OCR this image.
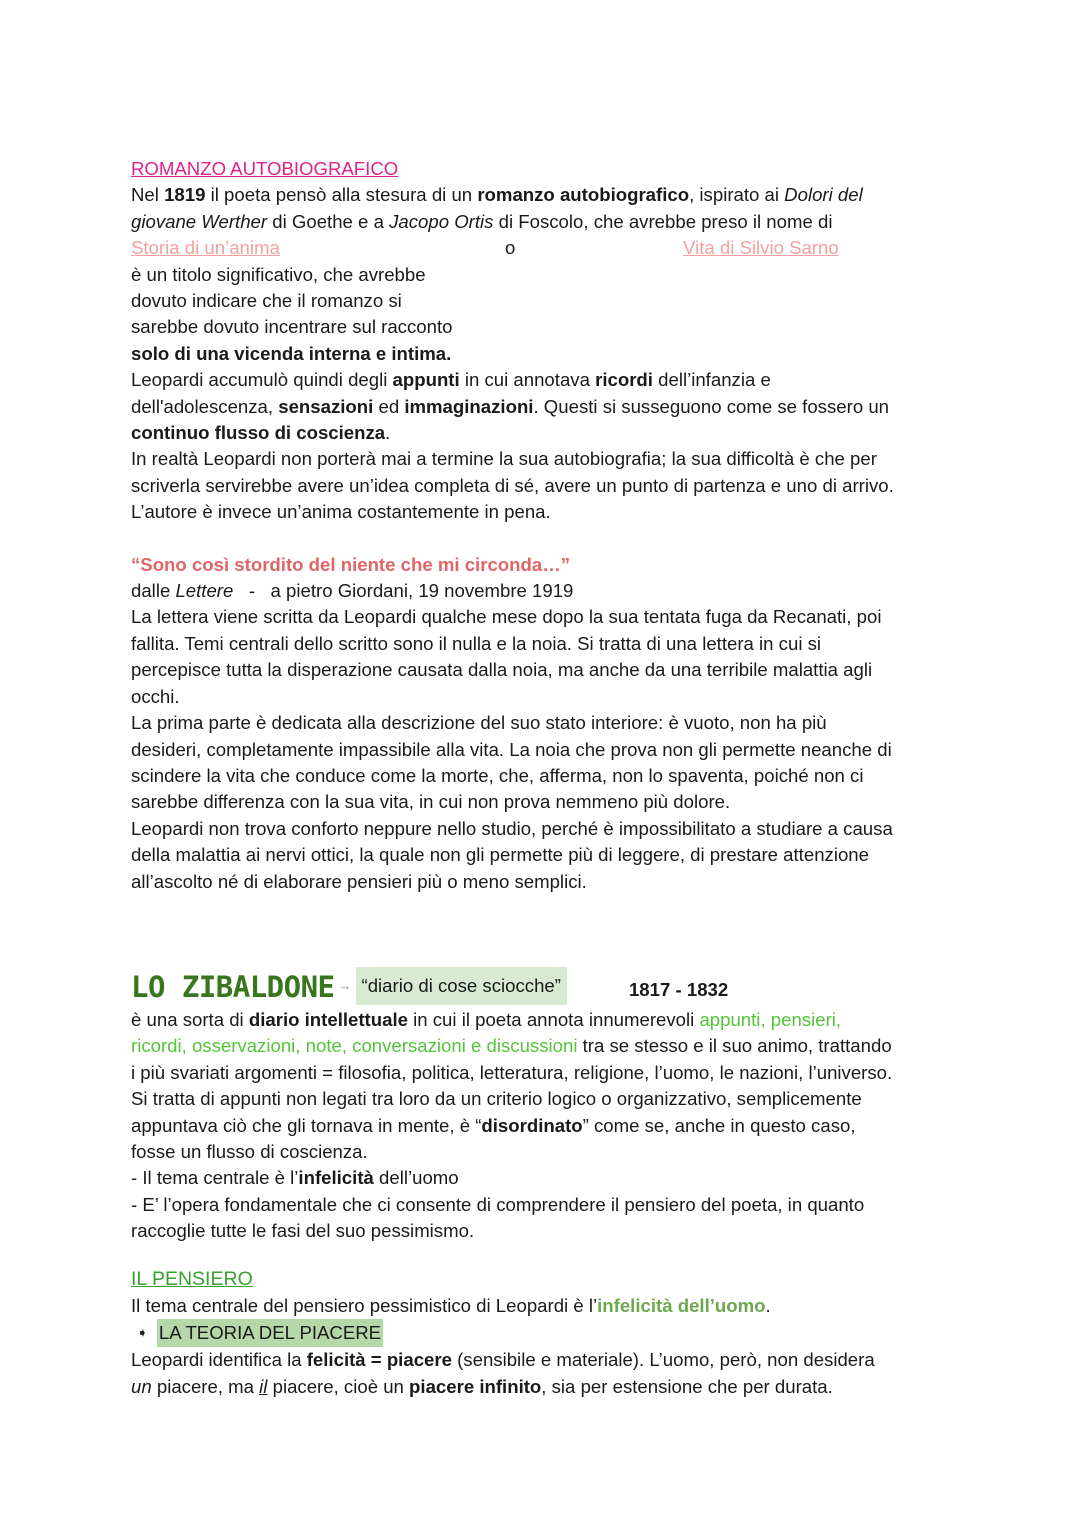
ROMANZO AUTOBIOGRAFICO

Nel 1819 il poeta pensò alla stesura di un romanzo autobiografico, ispirato ai Dolori del
giovane Werther di Goethe e a Jacopo Ortis di Foscolo, che avrebbe preso il nome di

Storia di un’anima	o	Vita di Silvio Sarno

è un titolo significativo, che avrebbe
dovuto indicare che il romanzo si
sarebbe dovuto incentrare sul racconto
solo di una vicenda interna e intima.

Leopardi accumulò quindi degli appunti in cui annotava ricordi dell’infanzia e
dell'adolescenza, sensazioni ed immaginazioni. Questi si susseguono come se fossero un
continuo flusso di coscienza.

In realtà Leopardi non porterà mai a termine la sua autobiografia; la sua difficoltà è che per
scriverla servirebbe avere un’idea completa di sé, avere un punto di partenza e uno di arrivo.
L’autore è invece un’anima costantemente in pena.

“Sono così stordito del niente che mi circonda…”

dalle Lettere   -   a pietro Giordani, 19 novembre 1919

La lettera viene scritta da Leopardi qualche mese dopo la sua tentata fuga da Recanati, poi
fallita. Temi centrali dello scritto sono il nulla e la noia. Si tratta di una lettera in cui si
percepisce tutta la disperazione causata dalla noia, ma anche da una terribile malattia agli
occhi.

La prima parte è dedicata alla descrizione del suo stato interiore: è vuoto, non ha più
desideri, completamente impassibile alla vita. La noia che prova non gli permette neanche di
scindere la vita che conduce come la morte, che, afferma, non lo spaventa, poiché non ci
sarebbe differenza con la sua vita, in cui non prova nemmeno più dolore.

Leopardi non trova conforto neppure nello studio, perché è impossibilitato a studiare a causa
della malattia ai nervi ottici, la quale non gli permette più di leggere, di prestare attenzione
all’ascolto né di elaborare pensieri più o meno semplici.

LO ZIBALDONE → “diario di cose sciocche”	1817 - 1832

è una sorta di diario intellettuale in cui il poeta annota innumerevoli appunti, pensieri,
ricordi, osservazioni, note, conversazioni e discussioni tra se stesso e il suo animo, trattando
i più svariati argomenti = filosofia, politica, letteratura, religione, l’uomo, le nazioni, l’universo.

Si tratta di appunti non legati tra loro da un criterio logico o organizzativo, semplicemente
appuntava ciò che gli tornava in mente, è “disordinato” come se, anche in questo caso,
fosse un flusso di coscienza.

- Il tema centrale è l’infelicità dell’uomo

- E’ l’opera fondamentale che ci consente di comprendere il pensiero del poeta, in quanto
raccoglie tutte le fasi del suo pessimismo.

IL PENSIERO

Il tema centrale del pensiero pessimistico di Leopardi è l’infelicità dell’uomo.

➧ LA TEORIA DEL PIACERE

Leopardi identifica la felicità = piacere (sensibile e materiale). L’uomo, però, non desidera
un piacere, ma il piacere, cioè un piacere infinito, sia per estensione che per durata.
